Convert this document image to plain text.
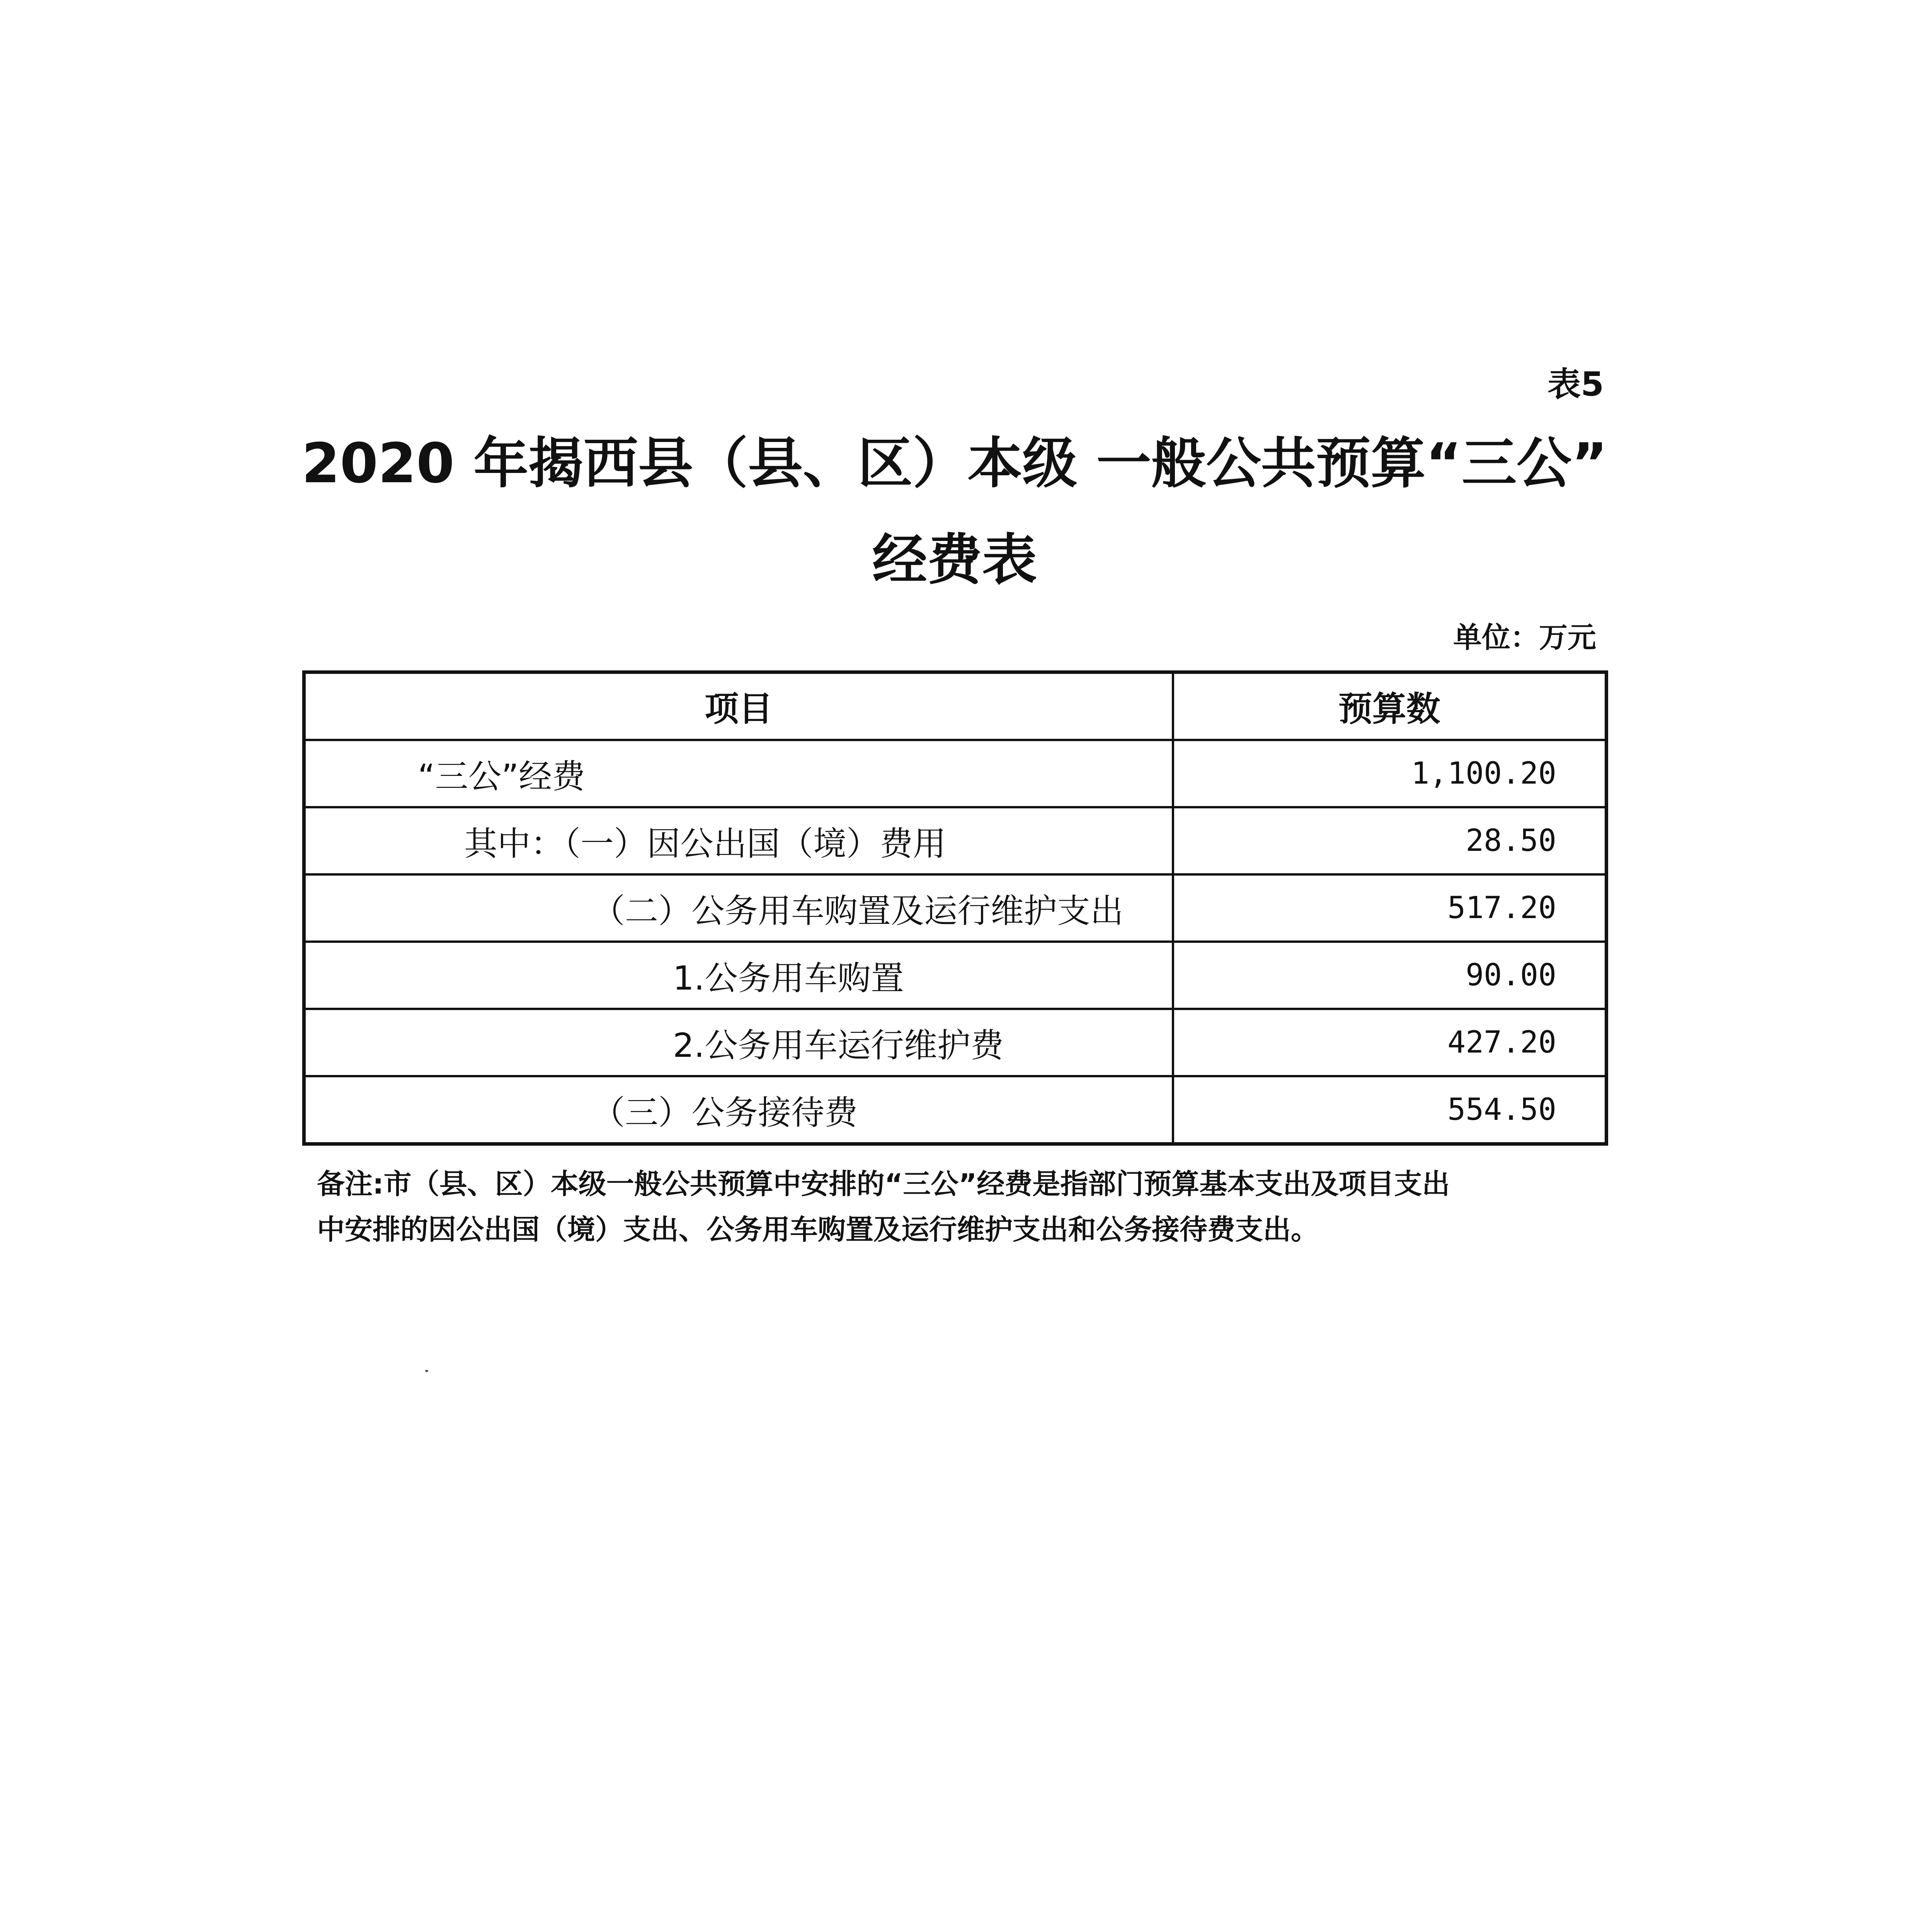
表5
2020 年揭西县（县、区）本级 一般公共预算“三公”
经费表
单位：万元
项目	预算数
“三公”经费	1,100.20
其中：（一）因公出国（境）费用	28.50
（二）公务用车购置及运行维护支出	517.20
1.公务用车购置	90.00
2.公务用车运行维护费	427.20
（三）公务接待费	554.50
备注:市（县、区）本级一般公共预算中安排的“三公”经费是指部门预算基本支出及项目支出
中安排的因公出国（境）支出、公务用车购置及运行维护支出和公务接待费支出。
